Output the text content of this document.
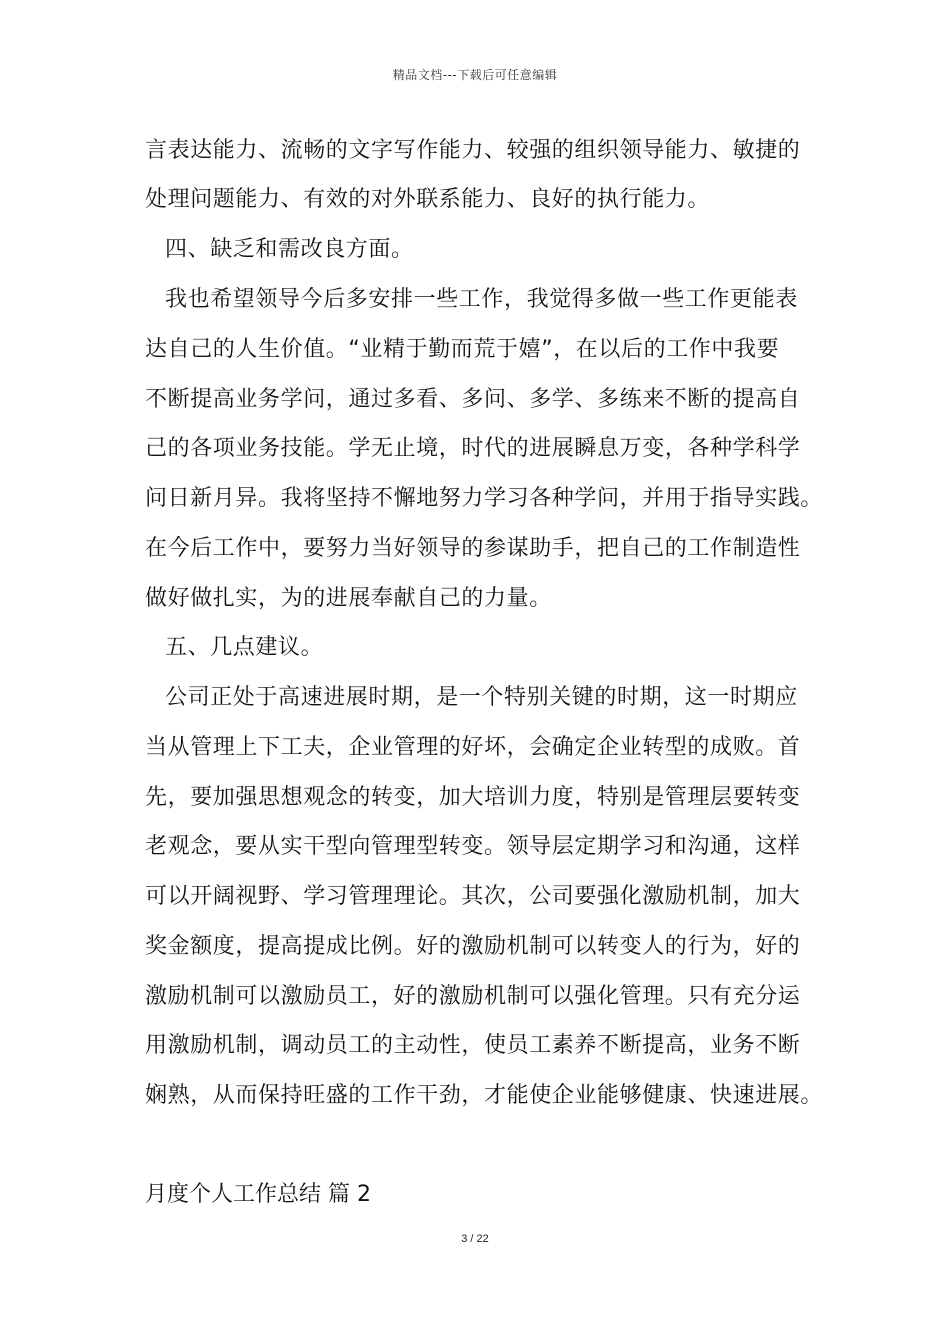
精品文档---下载后可任意编辑
言表达能力、流畅的文字写作能力、较强的组织领导能力、敏捷的
处理问题能力、有效的对外联系能力、良好的执行能力。
四、缺乏和需改良方面。
我也希望领导今后多安排一些工作，我觉得多做一些工作更能表
达自己的人生价值。“业精于勤而荒于嬉”，在以后的工作中我要
不断提高业务学问，通过多看、多问、多学、多练来不断的提高自
己的各项业务技能。学无止境，时代的进展瞬息万变，各种学科学
问日新月异。我将坚持不懈地努力学习各种学问，并用于指导实践。
在今后工作中，要努力当好领导的参谋助手，把自己的工作制造性
做好做扎实，为的进展奉献自己的力量。
五、几点建议。
公司正处于高速进展时期，是一个特别关键的时期，这一时期应
当从管理上下工夫，企业管理的好坏，会确定企业转型的成败。首
先，要加强思想观念的转变，加大培训力度，特别是管理层要转变
老观念，要从实干型向管理型转变。领导层定期学习和沟通，这样
可以开阔视野、学习管理理论。其次，公司要强化激励机制，加大
奖金额度，提高提成比例。好的激励机制可以转变人的行为，好的
激励机制可以激励员工，好的激励机制可以强化管理。只有充分运
用激励机制，调动员工的主动性，使员工素养不断提高，业务不断
娴熟，从而保持旺盛的工作干劲，才能使企业能够健康、快速进展。
月度个人工作总结 篇 2
3 / 22
